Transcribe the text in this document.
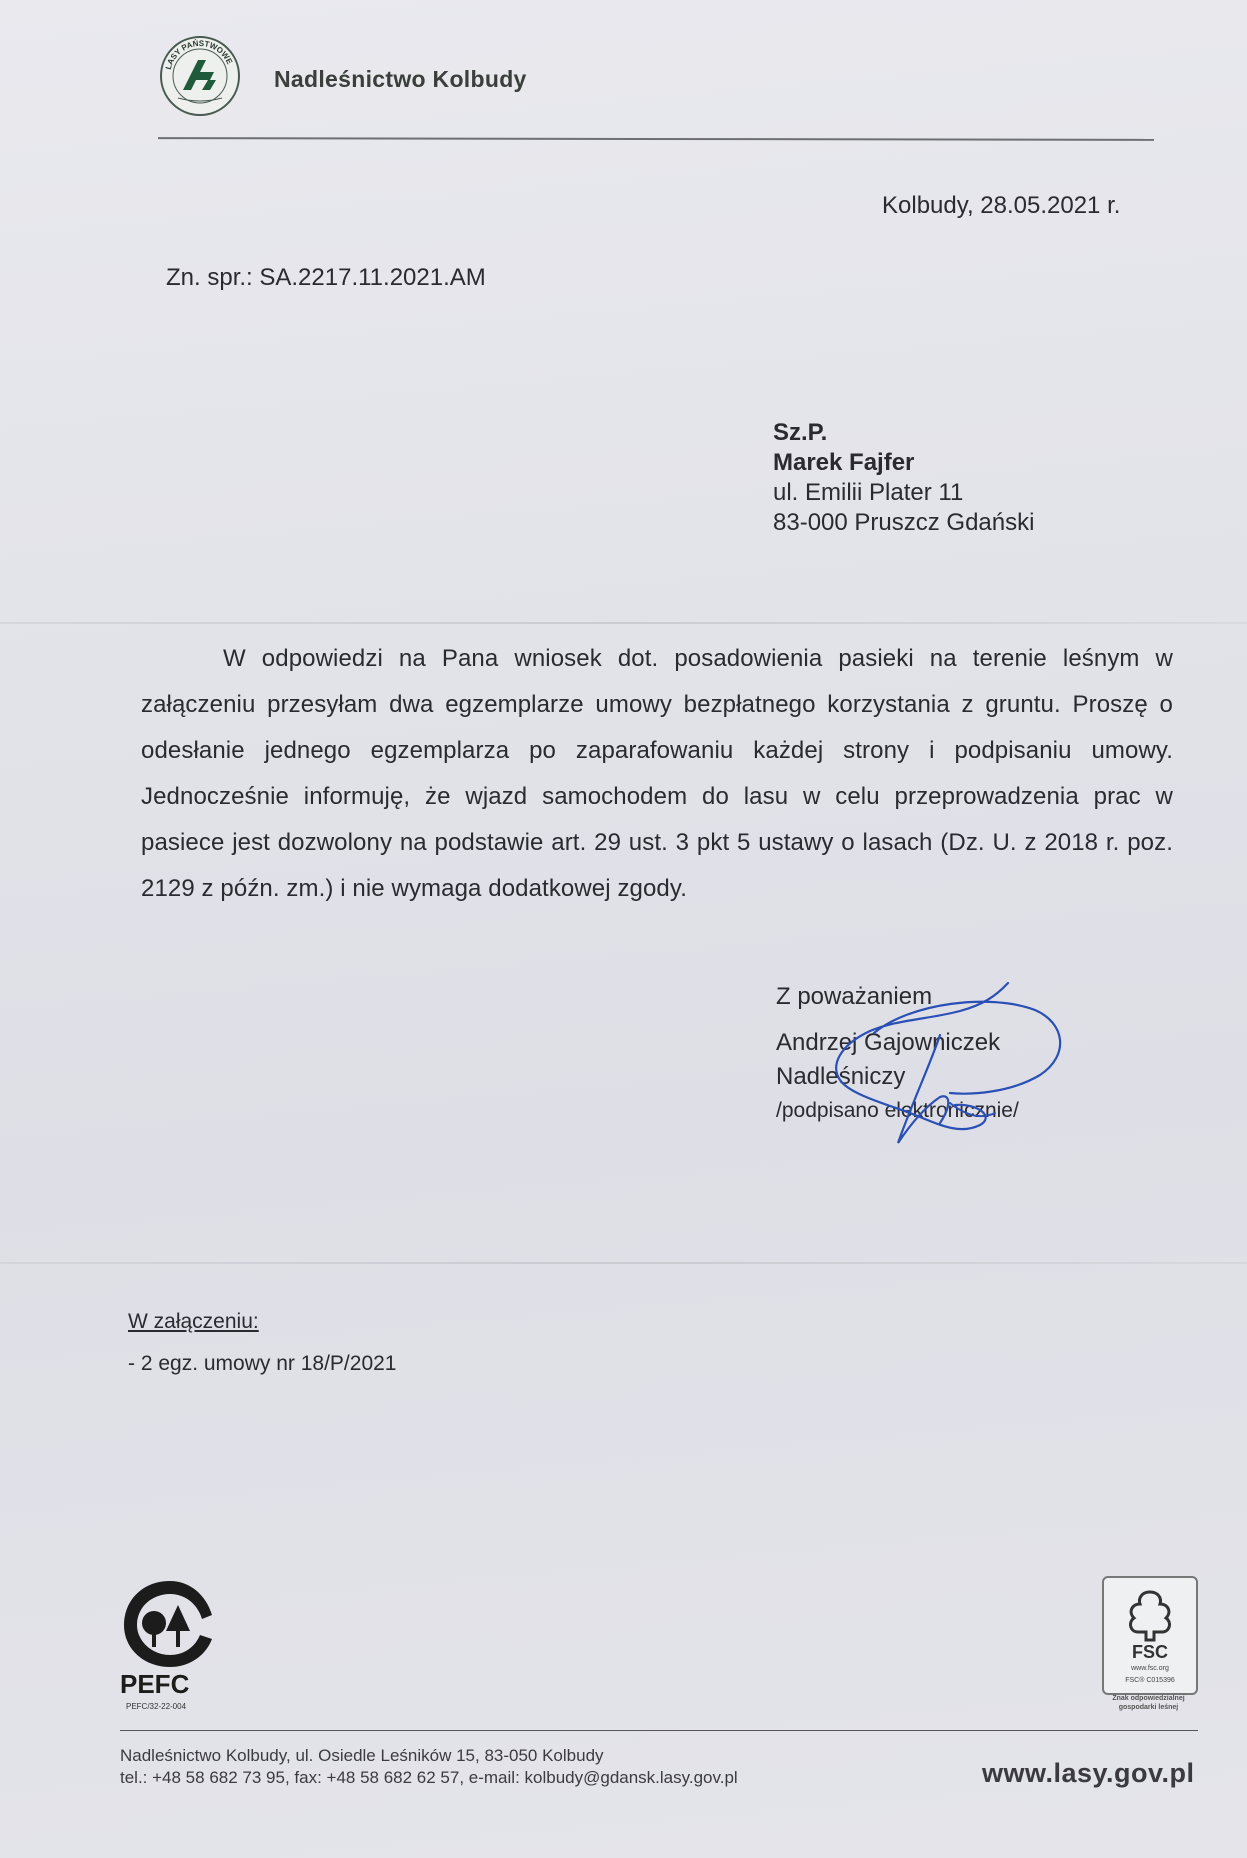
LASY PAŃSTWOWE
Nadleśnictwo Kolbudy
Kolbudy, 28.05.2021 r.
Zn. spr.: SA.2217.11.2021.AM
Sz.P.
Marek Fajfer
ul. Emilii Plater 11
83-000 Pruszcz Gdański
W odpowiedzi na Pana wniosek dot. posadowienia pasieki na terenie leśnym w załączeniu przesyłam dwa egzemplarze umowy bezpłatnego korzystania z gruntu. Proszę o odesłanie jednego egzemplarza po zaparafowaniu każdej strony i podpisaniu umowy. Jednocześnie informuję, że wjazd samochodem do lasu w celu przeprowadzenia prac w pasiece jest dozwolony na podstawie art. 29 ust. 3 pkt 5 ustawy o lasach (Dz. U. z 2018 r. poz. 2129 z późn. zm.) i nie wymaga dodatkowej zgody.
Z poważaniem
Andrzej Gajowniczek
Nadleśniczy
/podpisano elektronicznie/
W załączeniu:
- 2 egz. umowy nr 18/P/2021
PEFC
PEFC/32-22-004
FSC
www.fsc.org
FSC® C015396
Znak odpowiedzialnej gospodarki leśnej
Nadleśnictwo Kolbudy, ul. Osiedle Leśników 15, 83-050 Kolbudy
tel.: +48 58 682 73 95, fax: +48 58 682 62 57, e-mail: kolbudy@gdansk.lasy.gov.pl	www.lasy.gov.pl
